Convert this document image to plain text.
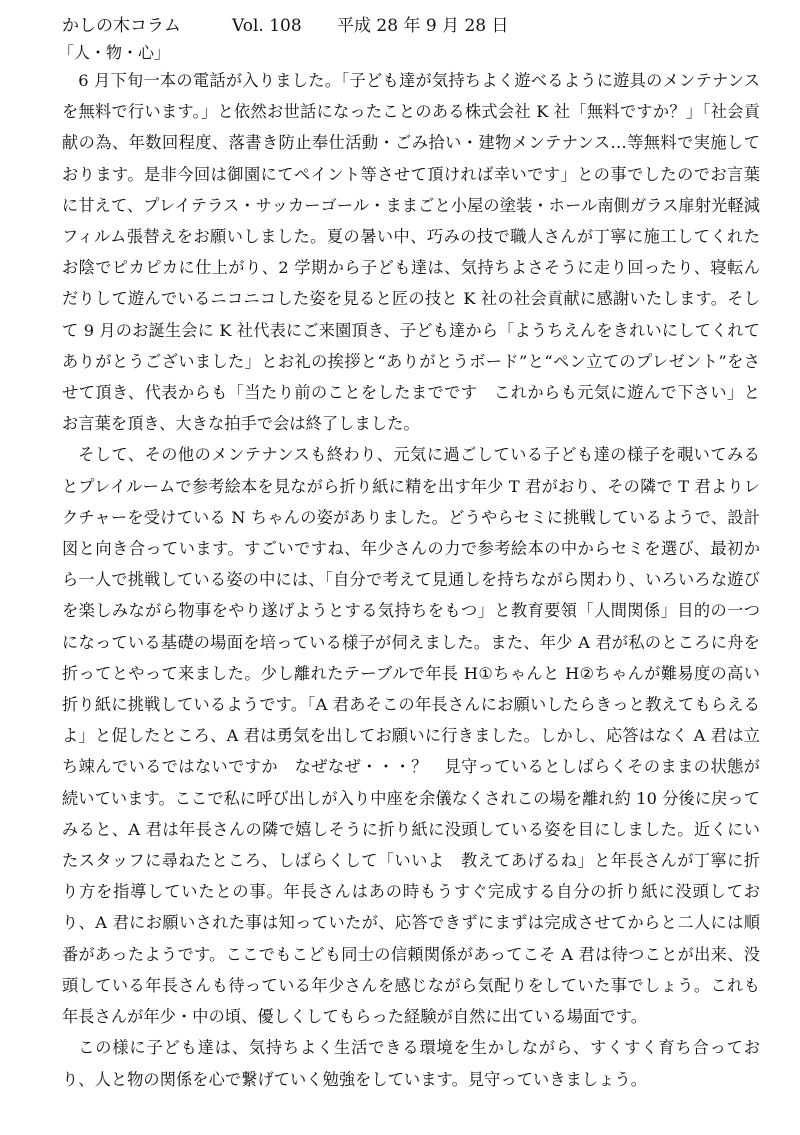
かしの木コラム	Vol. 108 平成 28 年 9 月 28 日
「人・物・心」

6 月下旬一本の電話が入りました。「子ども達が気持ちよく遊べるように遊具のメンテナンスを無料で行います。」と依然お世話になったことのある株式会社 K 社「無料ですか？」「社会貢献の為、年数回程度、落書き防止奉仕活動・ごみ拾い・建物メンテナンス…等無料で実施しております。是非今回は御園にてペイント等させて頂ければ幸いです」との事でしたのでお言葉に甘えて、プレイテラス・サッカーゴール・ままごと小屋の塗装・ホール南側ガラス扉射光軽減フィルム張替えをお願いしました。夏の暑い中、巧みの技で職人さんが丁寧に施工してくれたお陰でピカピカに仕上がり、2 学期から子ども達は、気持ちよさそうに走り回ったり、寝転んだりして遊んでいるニコニコした姿を見ると匠の技と K 社の社会貢献に感謝いたします。そして 9 月のお誕生会に K 社代表にご来園頂き、子ども達から「ようちえんをきれいにしてくれて　ありがとうございました」とお礼の挨拶と“ありがとうボード”と“ペン立てのプレゼント”をさせて頂き、代表からも「当たり前のことをしたまでです　これからも元気に遊んで下さい」とお言葉を頂き、大きな拍手で会は終了しました。

そして、その他のメンテナンスも終わり、元気に過ごしている子ども達の様子を覗いてみるとプレイルームで参考絵本を見ながら折り紙に精を出す年少 T 君がおり、その隣で T 君よりレクチャーを受けている N ちゃんの姿がありました。どうやらセミに挑戦しているようで、設計図と向き合っています。すごいですね、年少さんの力で参考絵本の中からセミを選び、最初から一人で挑戦している姿の中には、「自分で考えて見通しを持ちながら関わり、いろいろな遊びを楽しみながら物事をやり遂げようとする気持ちをもつ」と教育要領「人間関係」目的の一つになっている基礎の場面を培っている様子が伺えました。また、年少 A 君が私のところに舟を折ってとやって来ました。少し離れたテーブルで年長 H①ちゃんと H②ちゃんが難易度の高い折り紙に挑戦しているようです。「A 君あそこの年長さんにお願いしたらきっと教えてもらえるよ」と促したところ、A 君は勇気を出してお願いに行きました。しかし、応答はなく A 君は立ち竦んでいるではないですか　なぜなぜ・・・？　見守っているとしばらくそのままの状態が続いています。ここで私に呼び出しが入り中座を余儀なくされこの場を離れ約 10 分後に戻ってみると、A 君は年長さんの隣で嬉しそうに折り紙に没頭している姿を目にしました。近くにいたスタッフに尋ねたところ、しばらくして「いいよ　教えてあげるね」と年長さんが丁寧に折り方を指導していたとの事。年長さんはあの時もうすぐ完成する自分の折り紙に没頭しており、A 君にお願いされた事は知っていたが、応答できずにまずは完成させてからと二人には順番があったようです。ここでもこども同士の信頼関係があってこそ A 君は待つことが出来、没頭している年長さんも待っている年少さんを感じながら気配りをしていた事でしょう。これも年長さんが年少・中の頃、優しくしてもらった経験が自然に出ている場面です。

この様に子ども達は、気持ちよく生活できる環境を生かしながら、すくすく育ち合っており、人と物の関係を心で繋げていく勉強をしています。見守っていきましょう。
